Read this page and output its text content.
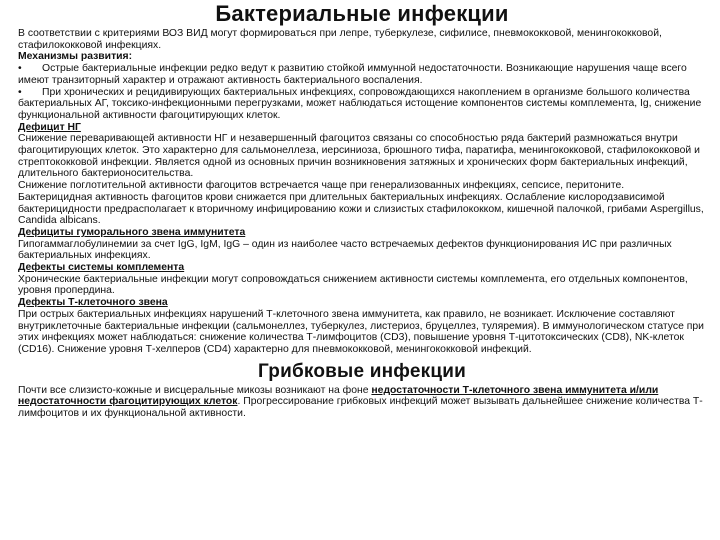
Бактериальные инфекции

В соответствии с критериями ВОЗ ВИД могут формироваться при лепре, туберкулезе, сифилисе, пневмококковой, менингококковой, стафилококковой инфекциях.

Механизмы развития:

• Острые бактериальные инфекции редко ведут к развитию стойкой иммунной недостаточности. Возникающие нарушения чаще всего имеют транзиторный характер и отражают активность бактериального воспаления.

• При хронических и рецидивирующих бактериальных инфекциях, сопровождающихся накоплением в организме большого количества бактериальных АГ, токсико-инфекционными перегрузками, может наблюдаться истощение компонентов системы комплемента, Ig, снижение функциональной активности фагоцитирующих клеток.

Дефицит НГ

Снижение переваривающей активности НГ и незавершенный фагоцитоз связаны со способностью ряда бактерий размножаться внутри фагоцитирующих клеток. Это характерно для сальмонеллеза, иерсиниоза, брюшного тифа, паратифа, менингококковой, стафилококковой и стрептококковой инфекции. Является одной из основных причин возникновения затяжных и хронических форм бактериальных инфекций, длительного бактерионосительства.

Снижение поглотительной активности фагоцитов встречается чаще при генерализованных инфекциях, сепсисе, перитоните.

Бактерицидная активность фагоцитов крови снижается при длительных бактериальных инфекциях. Ослабление кислородзависимой бактерицидности предрасполагает к вторичному инфицированию кожи и слизистых стафилококком, кишечной палочкой, грибами Aspergillus, Candida albicans.

Дефициты гуморального звена иммунитета

Гипогаммаглобулинемии за счет IgG, IgM, IgG – один из наиболее часто встречаемых дефектов функционирования ИС при различных бактериальных инфекциях.

Дефекты системы комплемента

Хронические бактериальные инфекции могут сопровождаться снижением активности системы комплемента, его отдельных компонентов, уровня пропердина.

Дефекты Т-клеточного звена

При острых бактериальных инфекциях нарушений Т-клеточного звена иммунитета, как правило, не возникает. Исключение составляют внутриклеточные бактериальные инфекции (сальмонеллез, туберкулез, листериоз, бруцеллез, туляремия). В иммунологическом статусе при этих инфекциях может наблюдаться: снижение количества Т-лимфоцитов (CD3), повышение уровня Т-цитотоксических (CD8), NK-клеток (CD16). Снижение уровня Т-хелперов (CD4) характерно для пневмококковой, менингококковой инфекций.

Грибковые инфекции

Почти все слизисто-кожные и висцеральные микозы возникают на фоне недостаточности Т-клеточного звена иммунитета и/или недостаточности фагоцитирующих клеток. Прогрессирование грибковых инфекций может вызывать дальнейшее снижение количества Т-лимфоцитов и их функциональной активности.
